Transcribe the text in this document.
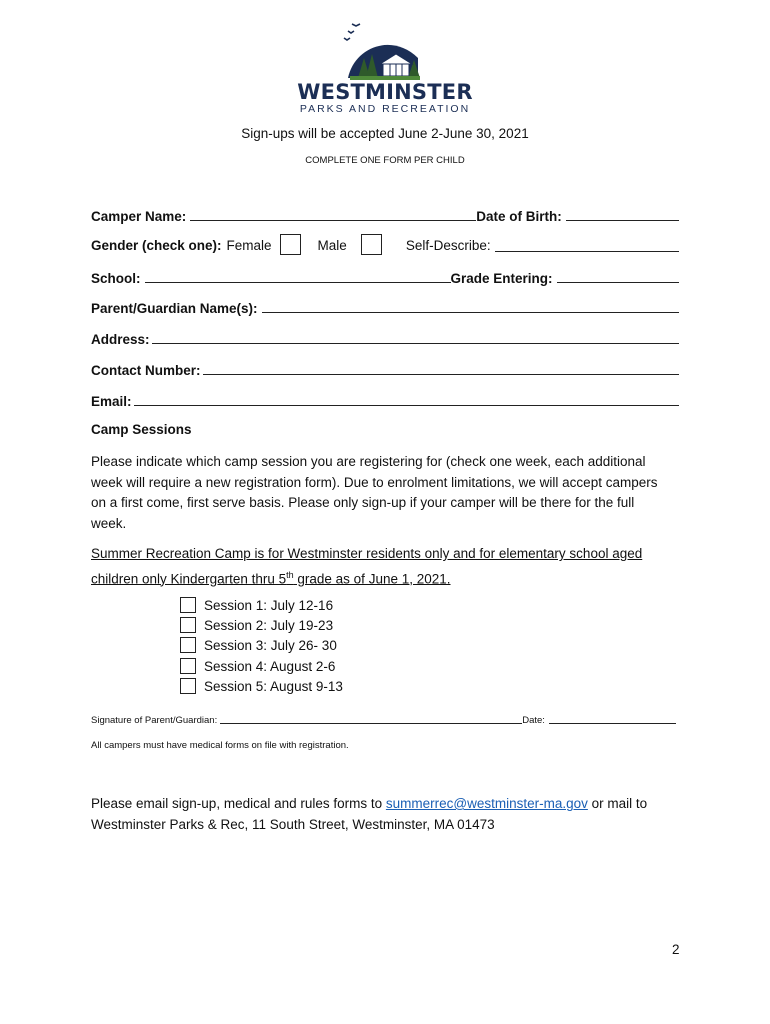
WESTMINSTER
PARKS AND RECREATION
Sign-ups will be accepted June 2-June 30, 2021
COMPLETE ONE FORM PER CHILD
Camper Name:	Date of Birth:
Gender (check one): Female	Male	Self-Describe:
School:	Grade Entering:
Parent/Guardian Name(s):
Address:
Contact Number:
Email:
Camp Sessions
Please indicate which camp session you are registering for (check one week, each additional
week will require a new registration form). Due to enrolment limitations, we will accept campers
on a first come, first serve basis. Please only sign-up if your camper will be there for the full
week.
Summer Recreation Camp is for Westminster residents only and for elementary school aged
children only Kindergarten thru 5th grade as of June 1, 2021.
Session 1: July 12-16
Session 2: July 19-23
Session 3: July 26- 30
Session 4: August 2-6
Session 5: August 9-13
Signature of Parent/Guardian:	Date:
All campers must have medical forms on file with registration.
Please email sign-up, medical and rules forms to summerrec@westminster-ma.gov or mail to
Westminster Parks & Rec, 11 South Street, Westminster, MA 01473
2
